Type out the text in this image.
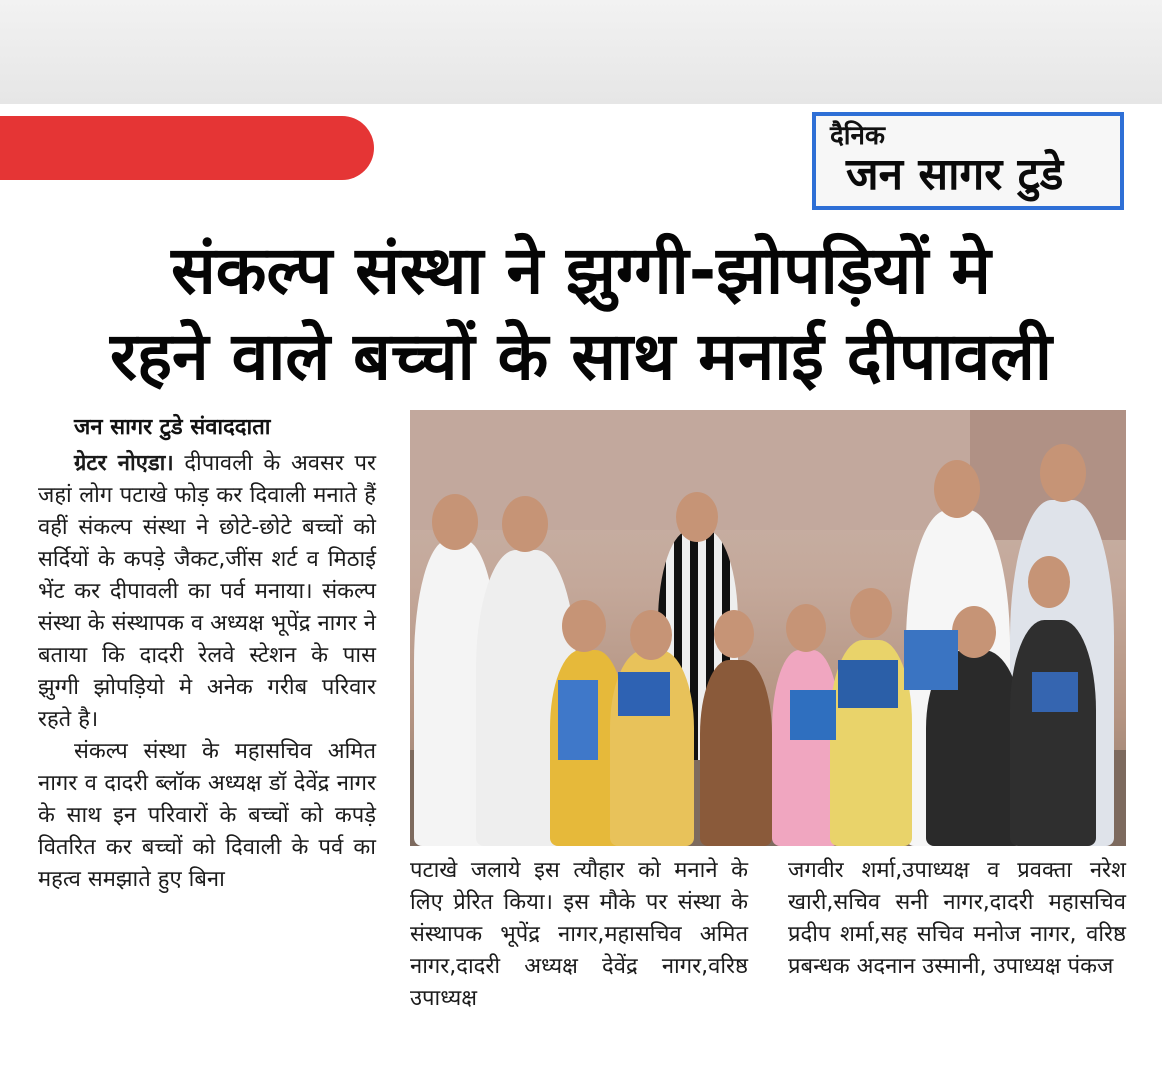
दैनिक
जन सागर टुडे
संकल्प संस्था ने झुग्गी-झोपड़ियों मे
रहने वाले बच्चों के साथ मनाई दीपावली
जन सागर टुडे संवाददाता

ग्रेटर नोएडा। दीपावली के अवसर पर जहां लोग पटाखे फोड़ कर दिवाली मनाते हैं वहीं संकल्प संस्था ने छोटे-छोटे बच्चों को सर्दियों के कपड़े जैकट,जींस शर्ट व मिठाई भेंट कर दीपावली का पर्व मनाया। संकल्प संस्था के संस्थापक व अध्यक्ष भूपेंद्र नागर ने बताया कि दादरी रेलवे स्टेशन के पास झुग्गी झोपड़ियो मे अनेक गरीब परिवार रहते है।

संकल्प संस्था के महासचिव अमित नागर व दादरी ब्लॉक अध्यक्ष डॉ देवेंद्र नागर के साथ इन परिवारों के बच्चों को कपड़े वितरित कर बच्चों को दिवाली के पर्व का महत्व समझाते हुए बिना	पटाखे जलाये इस त्यौहार को मनाने के लिए प्रेरित किया। इस मौके पर संस्था के संस्थापक भूपेंद्र नागर,महासचिव अमित नागर,दादरी अध्यक्ष देवेंद्र नागर,वरिष्ठ उपाध्यक्ष

जगवीर शर्मा,उपाध्यक्ष व प्रवक्ता नरेश खारी,सचिव सनी नागर,दादरी महासचिव प्रदीप शर्मा,सह सचिव मनोज नागर, वरिष्ठ प्रबन्धक अदनान उस्मानी, उपाध्यक्ष पंकज
